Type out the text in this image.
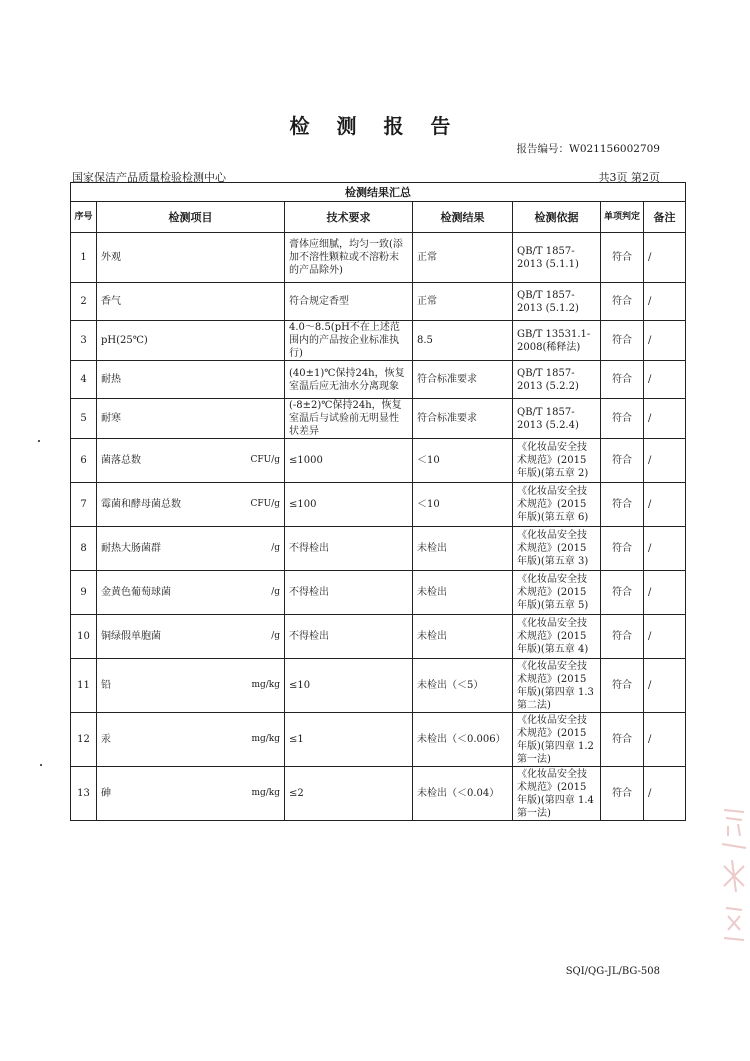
检 测 报 告
报告编号：W021156002709
国家保洁产品质量检验检测中心	共3页 第2页
检测结果汇总						
序号	检测项目	技术要求	检测结果	检测依据	单项判定	备注
1	外观	膏体应细腻，均匀一致(添加不溶性颗粒或不溶粉末的产品除外)	正常	QB/T 1857-2013 (5.1.1)	符合	/
2	香气	符合规定香型	正常	QB/T 1857-2013 (5.1.2)	符合	/
3	pH(25℃)	4.0～8.5(pH不在上述范围内的产品按企业标准执行)	8.5	GB/T 13531.1-2008(稀释法)	符合	/
4	耐热	(40±1)℃保持24h，恢复室温后应无油水分离现象	符合标准要求	QB/T 1857-2013 (5.2.2)	符合	/
5	耐寒	(-8±2)℃保持24h，恢复室温后与试验前无明显性状差异	符合标准要求	QB/T 1857-2013 (5.2.4)	符合	/
6	菌落总数 CFU/g	≤1000	＜10	《化妆品安全技术规范》(2015年版)(第五章 2)	符合	/
7	霉菌和酵母菌总数 CFU/g	≤100	＜10	《化妆品安全技术规范》(2015年版)(第五章 6)	符合	/
8	耐热大肠菌群 /g	不得检出	未检出	《化妆品安全技术规范》(2015年版)(第五章 3)	符合	/
9	金黄色葡萄球菌 /g	不得检出	未检出	《化妆品安全技术规范》(2015年版)(第五章 5)	符合	/
10	铜绿假单胞菌 /g	不得检出	未检出	《化妆品安全技术规范》(2015年版)(第五章 4)	符合	/
11	铅 mg/kg	≤10	未检出（＜5）	《化妆品安全技术规范》(2015年版)(第四章 1.3 第二法)	符合	/
12	汞 mg/kg	≤1	未检出（＜0.006）	《化妆品安全技术规范》(2015年版)(第四章 1.2 第一法)	符合	/
13	砷 mg/kg	≤2	未检出（＜0.04）	《化妆品安全技术规范》(2015年版)(第四章 1.4 第一法)	符合	/
SQI/QG-JL/BG-508
